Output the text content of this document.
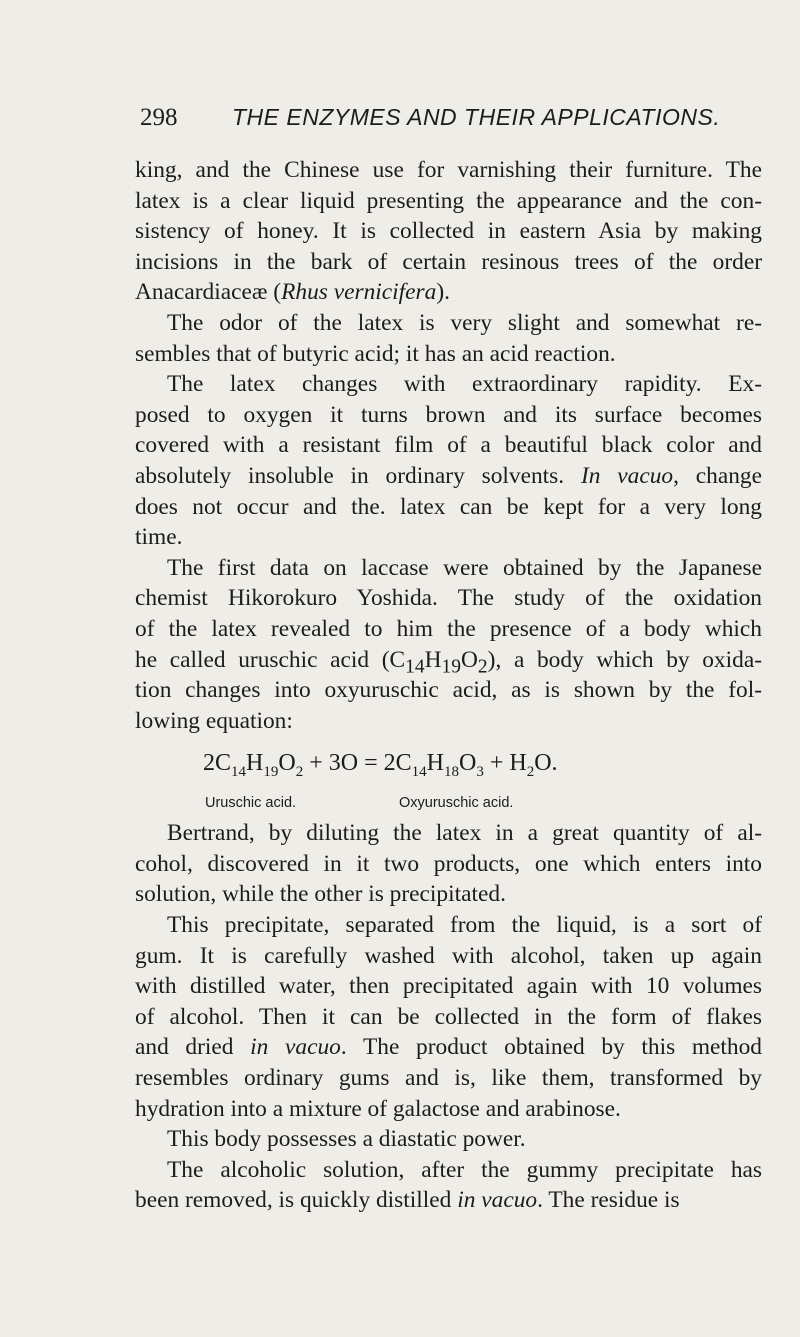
298 THE ENZYMES AND THEIR APPLICATIONS.
king, and the Chinese use for varnishing their furniture. The
latex is a clear liquid presenting the appearance and the con-
sistency of honey. It is collected in eastern Asia by making
incisions in the bark of certain resinous trees of the order
Anacardiaceæ (Rhus vernicifera).
The odor of the latex is very slight and somewhat re-
sembles that of butyric acid; it has an acid reaction.
The latex changes with extraordinary rapidity. Ex-
posed to oxygen it turns brown and its surface becomes
covered with a resistant film of a beautiful black color and
absolutely insoluble in ordinary solvents. In vacuo, change
does not occur and the. latex can be kept for a very long
time.
The first data on laccase were obtained by the Japanese
chemist Hikorokuro Yoshida. The study of the oxidation
of the latex revealed to him the presence of a body which
he called uruschic acid $(C_{14}H_{19}O_2)$, a body which by oxida-
tion changes into oxyuruschic acid, as is shown by the fol-
lowing equation:
$2C_{14}H_{19}O_2 + 3O = 2C_{14}H_{18}O_3 + H_2O$.
Uruschic acid.	Oxyuruschic acid.
Bertrand, by diluting the latex in a great quantity of al-
cohol, discovered in it two products, one which enters into
solution, while the other is precipitated.
This precipitate, separated from the liquid, is a sort of
gum. It is carefully washed with alcohol, taken up again
with distilled water, then precipitated again with 10 volumes
of alcohol. Then it can be collected in the form of flakes
and dried in vacuo. The product obtained by this method
resembles ordinary gums and is, like them, transformed by
hydration into a mixture of galactose and arabinose.
This body possesses a diastatic power.
The alcoholic solution, after the gummy precipitate has
been removed, is quickly distilled in vacuo. The residue is
